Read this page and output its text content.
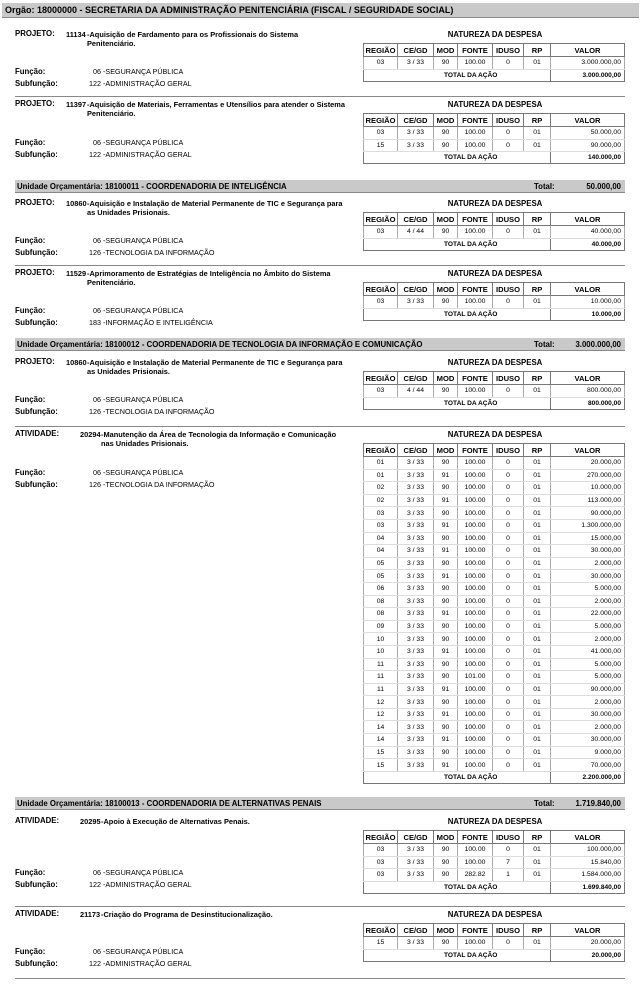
Orgão: 18000000 - SECRETARIA DA ADMINISTRAÇÃO PENITENCIÁRIA (FISCAL / SEGURIDADE SOCIAL)
PROJETO: 11134 -Aquisição de Fardamento para os Profissionais do Sistema Penitenciário.
NATUREZA DA DESPESA
REGIÃO	CE/GD	MOD	FONTE	IDUSO	RP	VALOR
03	3 / 33	90	100.00	0	01	3.000.000,00
TOTAL DA AÇÃO						3.000.000,00
Função:	06 -SEGURANÇA PÚBLICA
Subfunção:	122 -ADMINISTRAÇÃO GERAL
PROJETO: 11397 -Aquisição de Materiais, Ferramentas e Utensílios para atender o Sistema Penitenciário.
NATUREZA DA DESPESA
REGIÃO	CE/GD	MOD	FONTE	IDUSO	RP	VALOR
03	3 / 33	90	100.00	0	01	50.000,00
15	3 / 33	90	100.00	0	01	90.000,00
TOTAL DA AÇÃO						140.000,00
Função:	06 -SEGURANÇA PÚBLICA
Subfunção:	122 -ADMINISTRAÇÃO GERAL
Unidade Orçamentária: 18100011 - COORDENADORIA DE INTELIGÊNCIA	Total:	50.000,00
PROJETO: 10860 -Aquisição e Instalação de Material Permanente de TIC e Segurança para as Unidades Prisionais.
NATUREZA DA DESPESA
REGIÃO	CE/GD	MOD	FONTE	IDUSO	RP	VALOR
03	4 / 44	90	100.00	0	01	40.000,00
TOTAL DA AÇÃO						40.000,00
Função:	06 -SEGURANÇA PÚBLICA
Subfunção:	126 -TECNOLOGIA DA INFORMAÇÃO
PROJETO: 11529 -Aprimoramento de Estratégias de Inteligência no Âmbito do Sistema Penitenciário.
NATUREZA DA DESPESA
REGIÃO	CE/GD	MOD	FONTE	IDUSO	RP	VALOR
03	3 / 33	90	100.00	0	01	10.000,00
TOTAL DA AÇÃO						10.000,00
Função:	06 -SEGURANÇA PÚBLICA
Subfunção:	183 -INFORMAÇÃO E INTELIGÊNCIA
Unidade Orçamentária: 18100012 - COORDENADORIA DE TECNOLOGIA DA INFORMAÇÃO E COMUNICAÇÃO	Total:	3.000.000,00
PROJETO: 10860 -Aquisição e Instalação de Material Permanente de TIC e Segurança para as Unidades Prisionais.
NATUREZA DA DESPESA
REGIÃO	CE/GD	MOD	FONTE	IDUSO	RP	VALOR
03	4 / 44	90	100.00	0	01	800.000,00
TOTAL DA AÇÃO						800.000,00
Função:	06 -SEGURANÇA PÚBLICA
Subfunção:	126 -TECNOLOGIA DA INFORMAÇÃO
ATIVIDADE:	20294 -Manutenção da Área de Tecnologia da Informação e Comunicação nas Unidades Prisionais.
NATUREZA DA DESPESA
REGIÃO	CE/GD	MOD	FONTE	IDUSO	RP	VALOR
01	3 / 33	90	100.00	0	01	20.000,00
01	3 / 33	91	100.00	0	01	270.000,00
02	3 / 33	90	100.00	0	01	10.000,00
02	3 / 33	91	100.00	0	01	113.000,00
03	3 / 33	90	100.00	0	01	90.000,00
03	3 / 33	91	100.00	0	01	1.300.000,00
04	3 / 33	90	100.00	0	01	15.000,00
04	3 / 33	91	100.00	0	01	30.000,00
05	3 / 33	90	100.00	0	01	2.000,00
05	3 / 33	91	100.00	0	01	30.000,00
06	3 / 33	90	100.00	0	01	5.000,00
08	3 / 33	90	100.00	0	01	2.000,00
08	3 / 33	91	100.00	0	01	22.000,00
09	3 / 33	90	100.00	0	01	5.000,00
10	3 / 33	90	100.00	0	01	2.000,00
10	3 / 33	91	100.00	0	01	41.000,00
11	3 / 33	90	100.00	0	01	5.000,00
11	3 / 33	90	101.00	0	01	5.000,00
11	3 / 33	91	100.00	0	01	90.000,00
12	3 / 33	90	100.00	0	01	2.000,00
12	3 / 33	91	100.00	0	01	30.000,00
14	3 / 33	90	100.00	0	01	2.000,00
14	3 / 33	91	100.00	0	01	30.000,00
15	3 / 33	90	100.00	0	01	9.000,00
15	3 / 33	91	100.00	0	01	70.000,00
TOTAL DA AÇÃO						2.200.000,00
Função:	06 -SEGURANÇA PÚBLICA
Subfunção:	126 -TECNOLOGIA DA INFORMAÇÃO
Unidade Orçamentária: 18100013 - COORDENADORIA DE ALTERNATIVAS PENAIS	Total:	1.719.840,00
ATIVIDADE:	20295 -Apoio à Execução de Alternativas Penais.	NATUREZA DA DESPESA
REGIÃO	CE/GD	MOD	FONTE	IDUSO	RP	VALOR
03	3 / 33	90	100.00	0	01	100.000,00
03	3 / 33	90	100.00	7	01	15.840,00
03	3 / 33	90	282.82	1	01	1.584.000,00
TOTAL DA AÇÃO						1.699.840,00
Função:	06 -SEGURANÇA PÚBLICA
Subfunção:	122 -ADMINISTRAÇÃO GERAL
ATIVIDADE:	21173 -Criação do Programa de Desinstitucionalização.	NATUREZA DA DESPESA
REGIÃO	CE/GD	MOD	FONTE	IDUSO	RP	VALOR
15	3 / 33	90	100.00	0	01	20.000,00
TOTAL DA AÇÃO						20.000,00
Função:	06 -SEGURANÇA PÚBLICA
Subfunção:	122 -ADMINISTRAÇÃO GERAL
